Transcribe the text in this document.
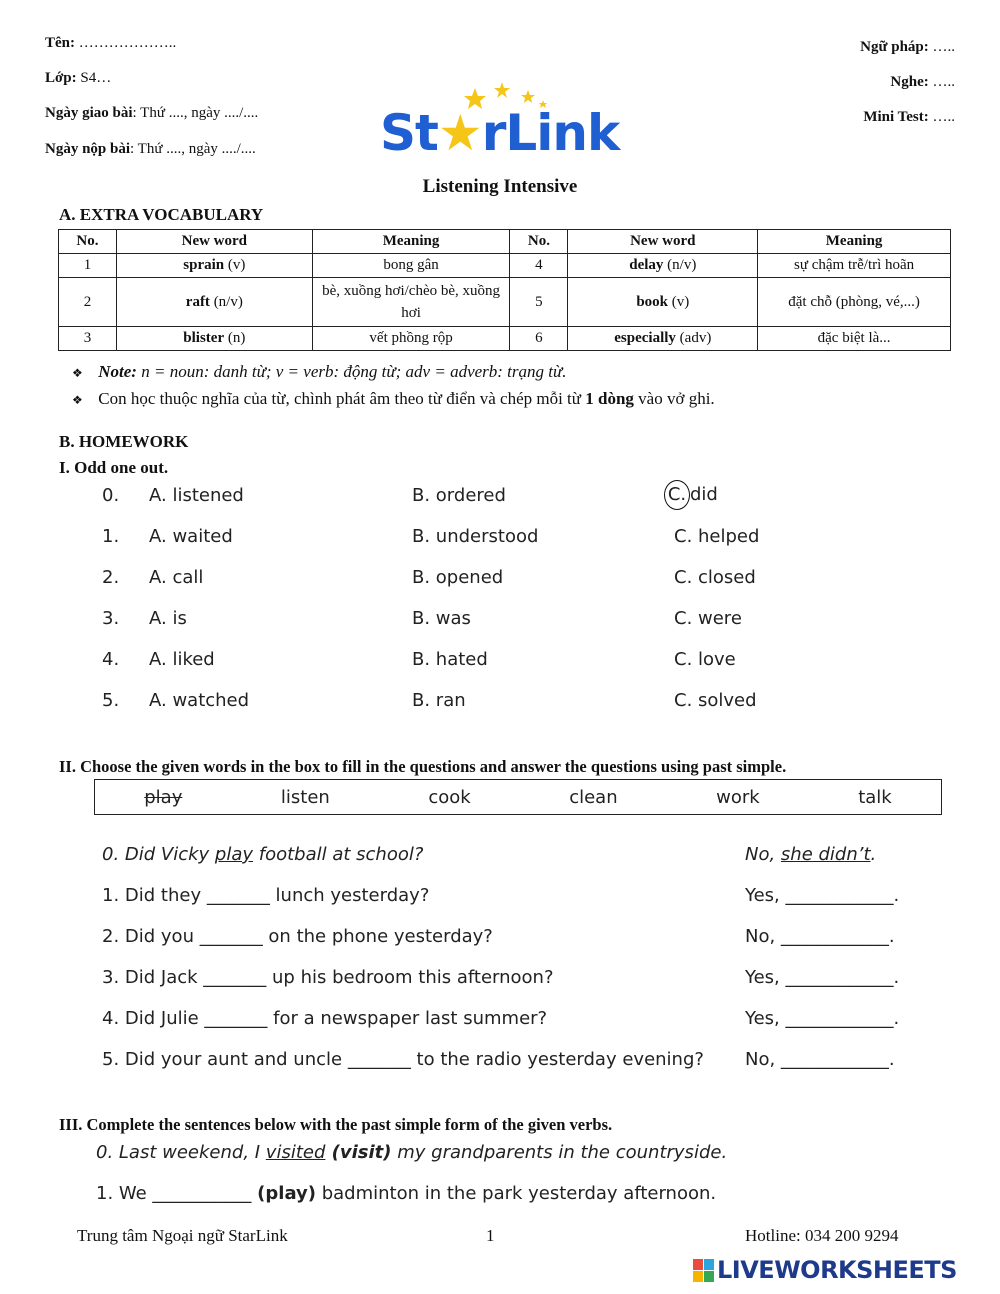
Tên: ………………..
Lớp: S4…
Ngày giao bài: Thứ ...., ngày ..../....
Ngày nộp bài: Thứ ...., ngày ..../....
Ngữ pháp: …..
Nghe: …..
Mini Test: …..
St★rLink
Listening Intensive
A. EXTRA VOCABULARY
No.	New word	Meaning	No.	New word	Meaning
1	sprain (v)	bong gân	4	delay (n/v)	sự chậm trễ/trì hoãn
2	raft (n/v)	bè, xuồng hơi/chèo bè, xuồng hơi	5	book (v)	đặt chỗ (phòng, vé,...)
3	blister (n)	vết phồng rộp	6	especially (adv)	đặc biệt là...
❖ Note: n = noun: danh từ; v = verb: động từ; adv = adverb: trạng từ.
❖ Con học thuộc nghĩa của từ, chình phát âm theo từ điển và chép mỗi từ 1 dòng vào vở ghi.
B. HOMEWORK
I. Odd one out.
0. A. listened	B. ordered	C. did
1. A. waited	B. understood	C. helped
2. A. call	B. opened	C. closed
3. A. is	B. was	C. were
4. A. liked	B. hated	C. love
5. A. watched	B. ran	C. solved
II. Choose the given words in the box to fill in the questions and answer the questions using past simple.
play	listen	cook	clean	work	talk
0. Did Vicky play football at school?	No, she didn’t.
1. Did they _______ lunch yesterday?	Yes, ____________.
2. Did you _______ on the phone yesterday?	No, ____________.
3. Did Jack _______ up his bedroom this afternoon?	Yes, ____________.
4. Did Julie _______ for a newspaper last summer?	Yes, ____________.
5. Did your aunt and uncle _______ to the radio yesterday evening? No, ____________.
III. Complete the sentences below with the past simple form of the given verbs.
0. Last weekend, I visited (visit) my grandparents in the countryside.
1. We ___________ (play) badminton in the park yesterday afternoon.
Trung tâm Ngoại ngữ StarLink	1	Hotline: 034 200 9294
LIVEWORKSHEETS
